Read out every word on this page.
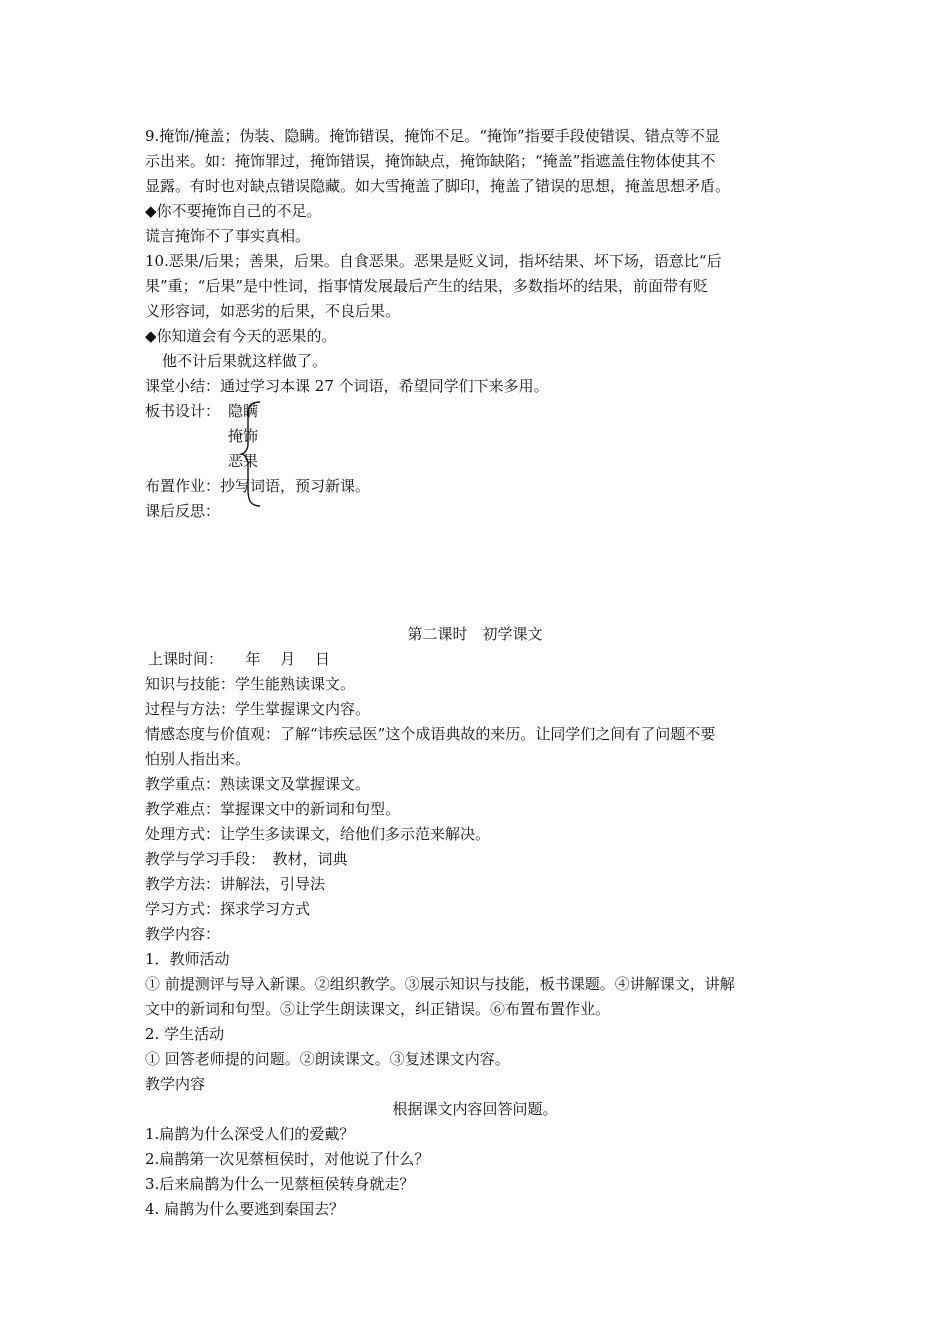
9.掩饰/掩盖；伪装、隐瞒。掩饰错误，掩饰不足。“掩饰”指要手段使错误、错点等不显
示出来。如：掩饰罪过，掩饰错误，掩饰缺点，掩饰缺陷；“掩盖”指遮盖住物体使其不
显露。有时也对缺点错误隐藏。如大雪掩盖了脚印，掩盖了错误的思想，掩盖思想矛盾。
◆你不要掩饰自己的不足。
谎言掩饰不了事实真相。
10.恶果/后果；善果，后果。自食恶果。恶果是贬义词，指坏结果、坏下场，语意比“后
果”重；“后果”是中性词，指事情发展最后产生的结果，多数指坏的结果，前面带有贬
义形容词，如恶劣的后果，不良后果。
◆你知道会有今天的恶果的。
他不计后果就这样做了。
课堂小结：通过学习本课 27 个词语，希望同学们下来多用。
板书设计： 隐瞒
掩饰
恶果
布置作业：抄写词语，预习新课。
课后反思：
第二课时　初学课文
上课时间：　　年　 月　 日
知识与技能：学生能熟读课文。
过程与方法：学生掌握课文内容。
情感态度与价值观：了解“讳疾忌医”这个成语典故的来历。让同学们之间有了问题不要
怕别人指出来。
教学重点：熟读课文及掌握课文。
教学难点：掌握课文中的新词和句型。
处理方式：让学生多读课文，给他们多示范来解决。
教学与学习手段：　教材，词典
教学方法：讲解法，引导法
学习方式：探求学习方式
教学内容：
1．教师活动
① 前提测评与导入新课。②组织教学。③展示知识与技能，板书课题。④讲解课文，讲解
文中的新词和句型。⑤让学生朗读课文，纠正错误。⑥布置布置作业。
2. 学生活动
① 回答老师提的问题。②朗读课文。③复述课文内容。
教学内容
根据课文内容回答问题。
1.扁鹊为什么深受人们的爱戴？
2.扁鹊第一次见蔡桓侯时，对他说了什么？
3.后来扁鹊为什么一见蔡桓侯转身就走？
4. 扁鹊为什么要逃到秦国去？
